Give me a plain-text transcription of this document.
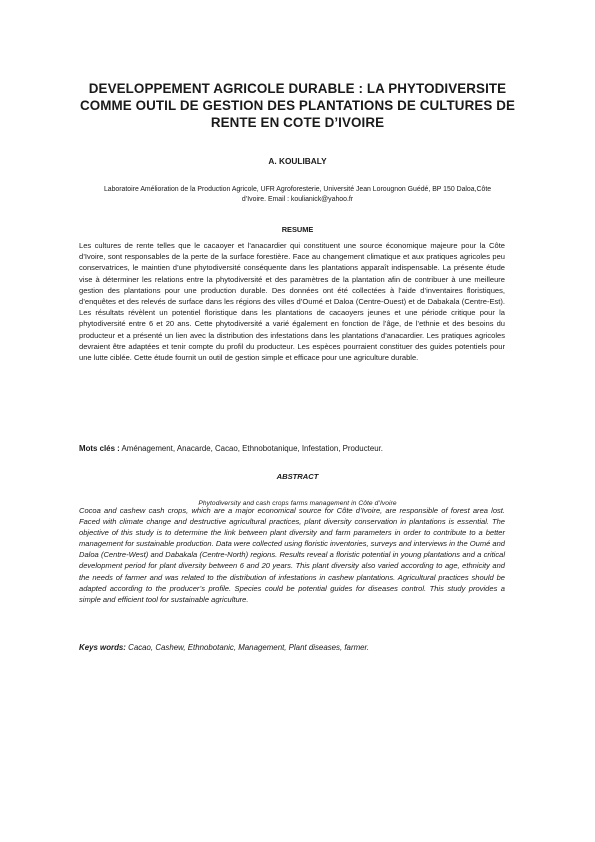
DEVELOPPEMENT AGRICOLE DURABLE : LA PHYTODIVERSITE COMME OUTIL DE GESTION DES PLANTATIONS DE CULTURES DE RENTE EN COTE D’IVOIRE

A. KOULIBALY

Laboratoire Amélioration de la Production Agricole, UFR Agroforesterie, Université Jean Lorougnon Guédé, BP 150 Daloa,Côte d’Ivoire. Email : koulianick@yahoo.fr

RESUME

Les cultures de rente telles que le cacaoyer et l’anacardier qui constituent une source économique majeure pour la Côte d’Ivoire, sont responsables de la perte de la surface forestière. Face au changement climatique et aux pratiques agricoles peu conservatrices, le maintien d’une phytodiversité conséquente dans les plantations apparaît indispensable. La présente étude vise à déterminer les relations entre la phytodiversité et des paramètres de la plantation afin de contribuer à une meilleure gestion des plantations pour une production durable. Des données ont été collectées à l’aide d’inventaires floristiques, d’enquêtes et des relevés de surface dans les régions des villes d’Oumé et Daloa (Centre-Ouest) et de Dabakala (Centre-Est). Les résultats révèlent un potentiel floristique dans les plantations de cacaoyers jeunes et une période critique pour la phytodiversité entre 6 et 20 ans. Cette phytodiversité a varié également en fonction de l’âge, de l’ethnie et des besoins du producteur et a présenté un lien avec la distribution des infestations dans les plantations d’anacardier. Les pratiques agricoles devraient être adaptées et tenir compte du profil du producteur. Les espèces pourraient constituer des guides potentiels pour une lutte ciblée. Cette étude fournit un outil de gestion simple et efficace pour une agriculture durable.

Mots clés : Aménagement, Anacarde, Cacao, Ethnobotanique, Infestation, Producteur.

ABSTRACT

Phytodiversity and cash crops farms management in Côte d’Ivoire

Cocoa and cashew cash crops, which are a major economical source for Côte d’Ivoire, are responsible of forest area lost. Faced with climate change and destructive agricultural practices, plant diversity conservation in plantations is essential. The objective of this study is to determine the link between plant diversity and farm parameters in order to contribute to a better management for sustainable production. Data were collected using floristic inventories, surveys and interviews in the Oumé and Daloa (Centre-West) and Dabakala (Centre-North) regions. Results reveal a floristic potential in young plantations and a critical development period for plant diversity between 6 and 20 years. This plant diversity also varied according to age, ethnicity and the needs of farmer and was related to the distribution of infestations in cashew plantations. Agricultural practices should be adapted according to the producer’s profile. Species could be potential guides for diseases control. This study provides a simple and efficient tool for sustainable agriculture.

Keys words: Cacao, Cashew, Ethnobotanic, Management, Plant diseases, farmer.
